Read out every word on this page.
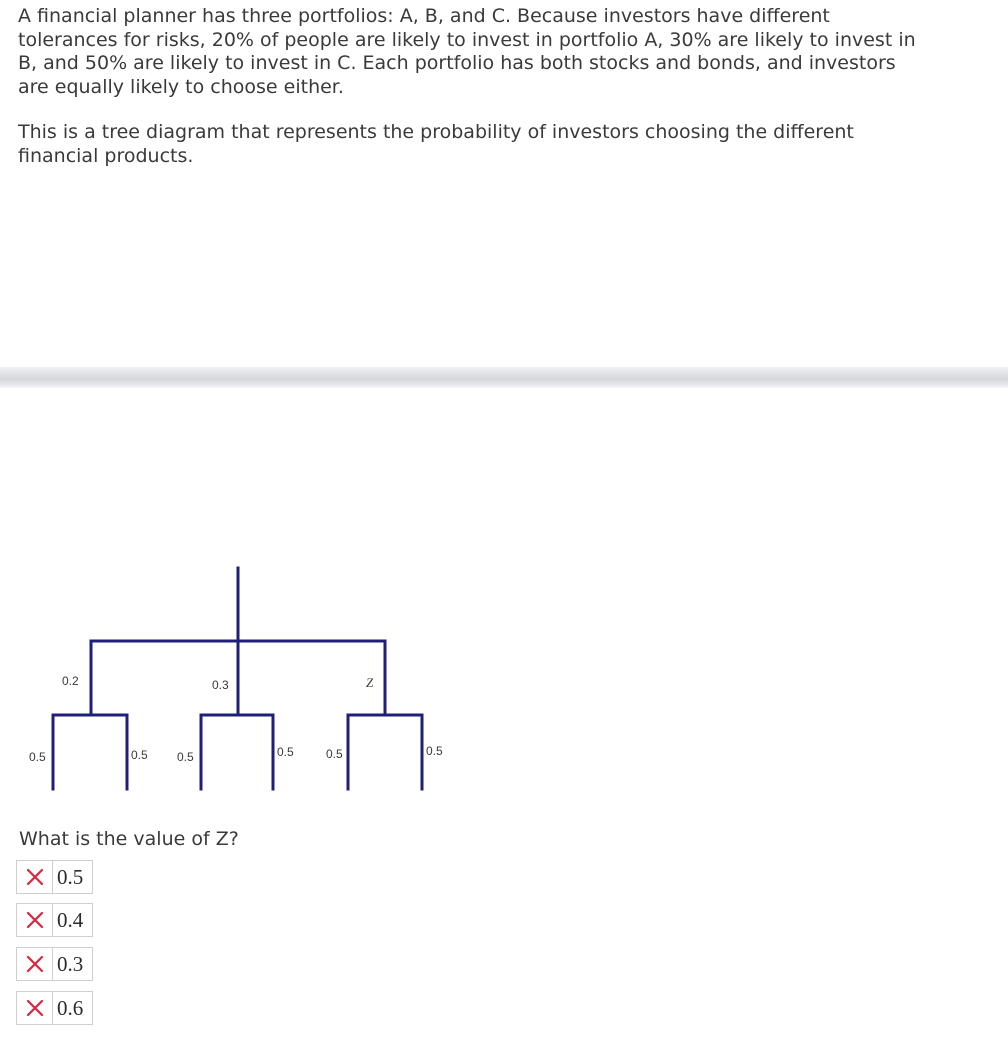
A financial planner has three portfolios: A, B, and C. Because investors have different tolerances for risks, 20% of people are likely to invest in portfolio A, 30% are likely to invest in B, and 50% are likely to invest in C. Each portfolio has both stocks and bonds, and investors are equally likely to choose either.

This is a tree diagram that represents the probability of investors choosing the different financial products.

0.2	0.3	Z
0.5	0.5 0.5	0.5	0.5	0.5

What is the value of Z?

0.5
0.4
0.3
0.6
